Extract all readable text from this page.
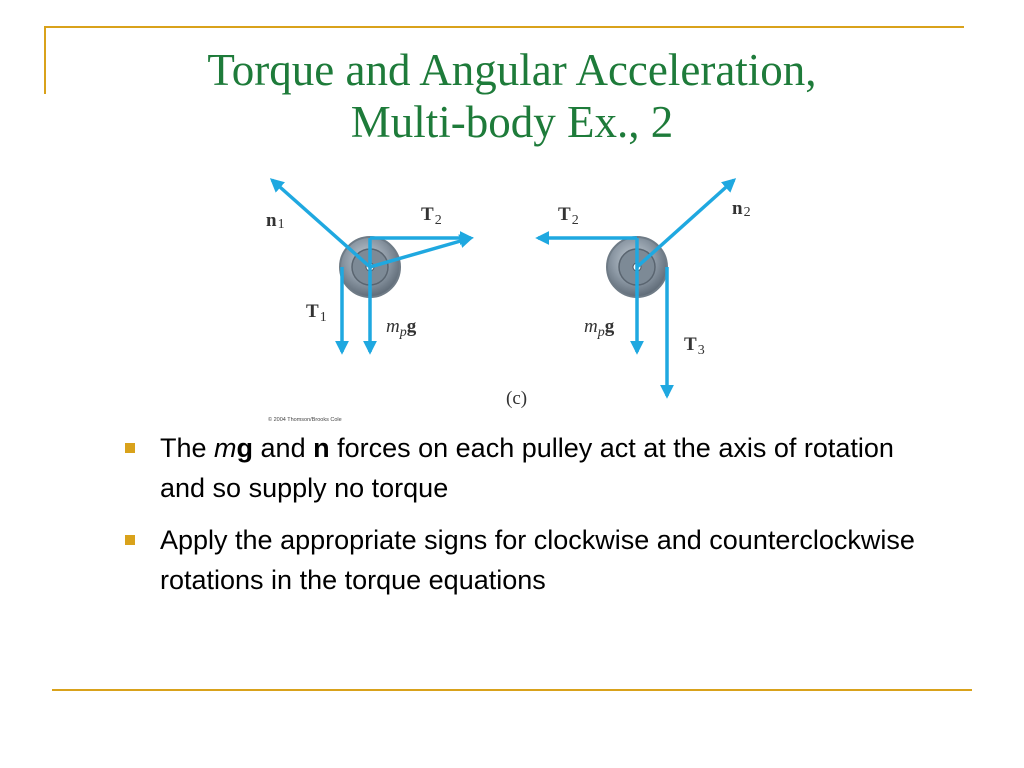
Torque and Angular Acceleration,
Multi-body Ex., 2
n1	$T_2$
$T_1$	$m_pg$
n2
$T_2$
$m_pg$
$T_3$
(c)
© 2004 Thomson/Brooks Cole
The mg and n forces on each pulley act at the axis of rotation and so supply no torque
Apply the appropriate signs for clockwise and counterclockwise rotations in the torque equations
